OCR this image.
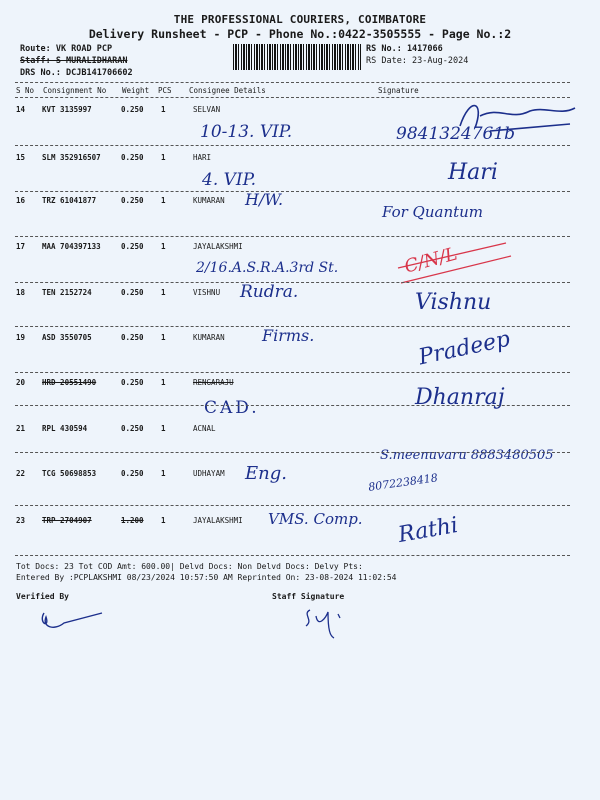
THE PROFESSIONAL COURIERS, COIMBATORE
Delivery Runsheet - PCP - Phone No.:0422-3505555 - Page No.:2
Route: VK ROAD PCP
Staff: S MURALIDHARAN
DRS No.: DCJB141706602
RS No.: 1417066
RS Date: 23-Aug-2024
S No Consignment No Weight PCS Consignee Details	Signature
14 KVT 3135997	0.250 1	SELVAN
10-13. VIP.	9841324761b
15 SLM 352916507	0.250 1	HARI
4. VIP.	Hari
16 TRZ 61041877	0.250 1	KUMARAN H/W.
For Quantum
17 MAA 704397133	0.250 1	JAYALAKSHMI
2/16.A.S.R.A.3rd St.	C/N/L
18 TEN 2152724	0.250 1	VISHNU Rudra.	Vishnu
19 ASD 3550705	0.250 1	KUMARAN Firms.	Pradeep
20 HRD 20551490	0.250 1	RENGARAJU
CAD.	Dhanraj
21 RPL 430594	0.250 1	ACNAL
S.meenuvaru 8883480505
22 TCG 50698853	0.250 1	UDHAYAM Eng.	8072238418
23 TRP 2704907	1.200 1	JAYALAKSHMI VMS. Comp. Rathi
Tot Docs: 23 Tot COD Amt: 600.00| Delvd Docs: Non Delvd Docs: Delvy Pts:
Entered By :PCPLAKSHMI 08/23/2024 10:57:50 AM Reprinted On: 23-08-2024 11:02:54
Verified By	Staff Signature
